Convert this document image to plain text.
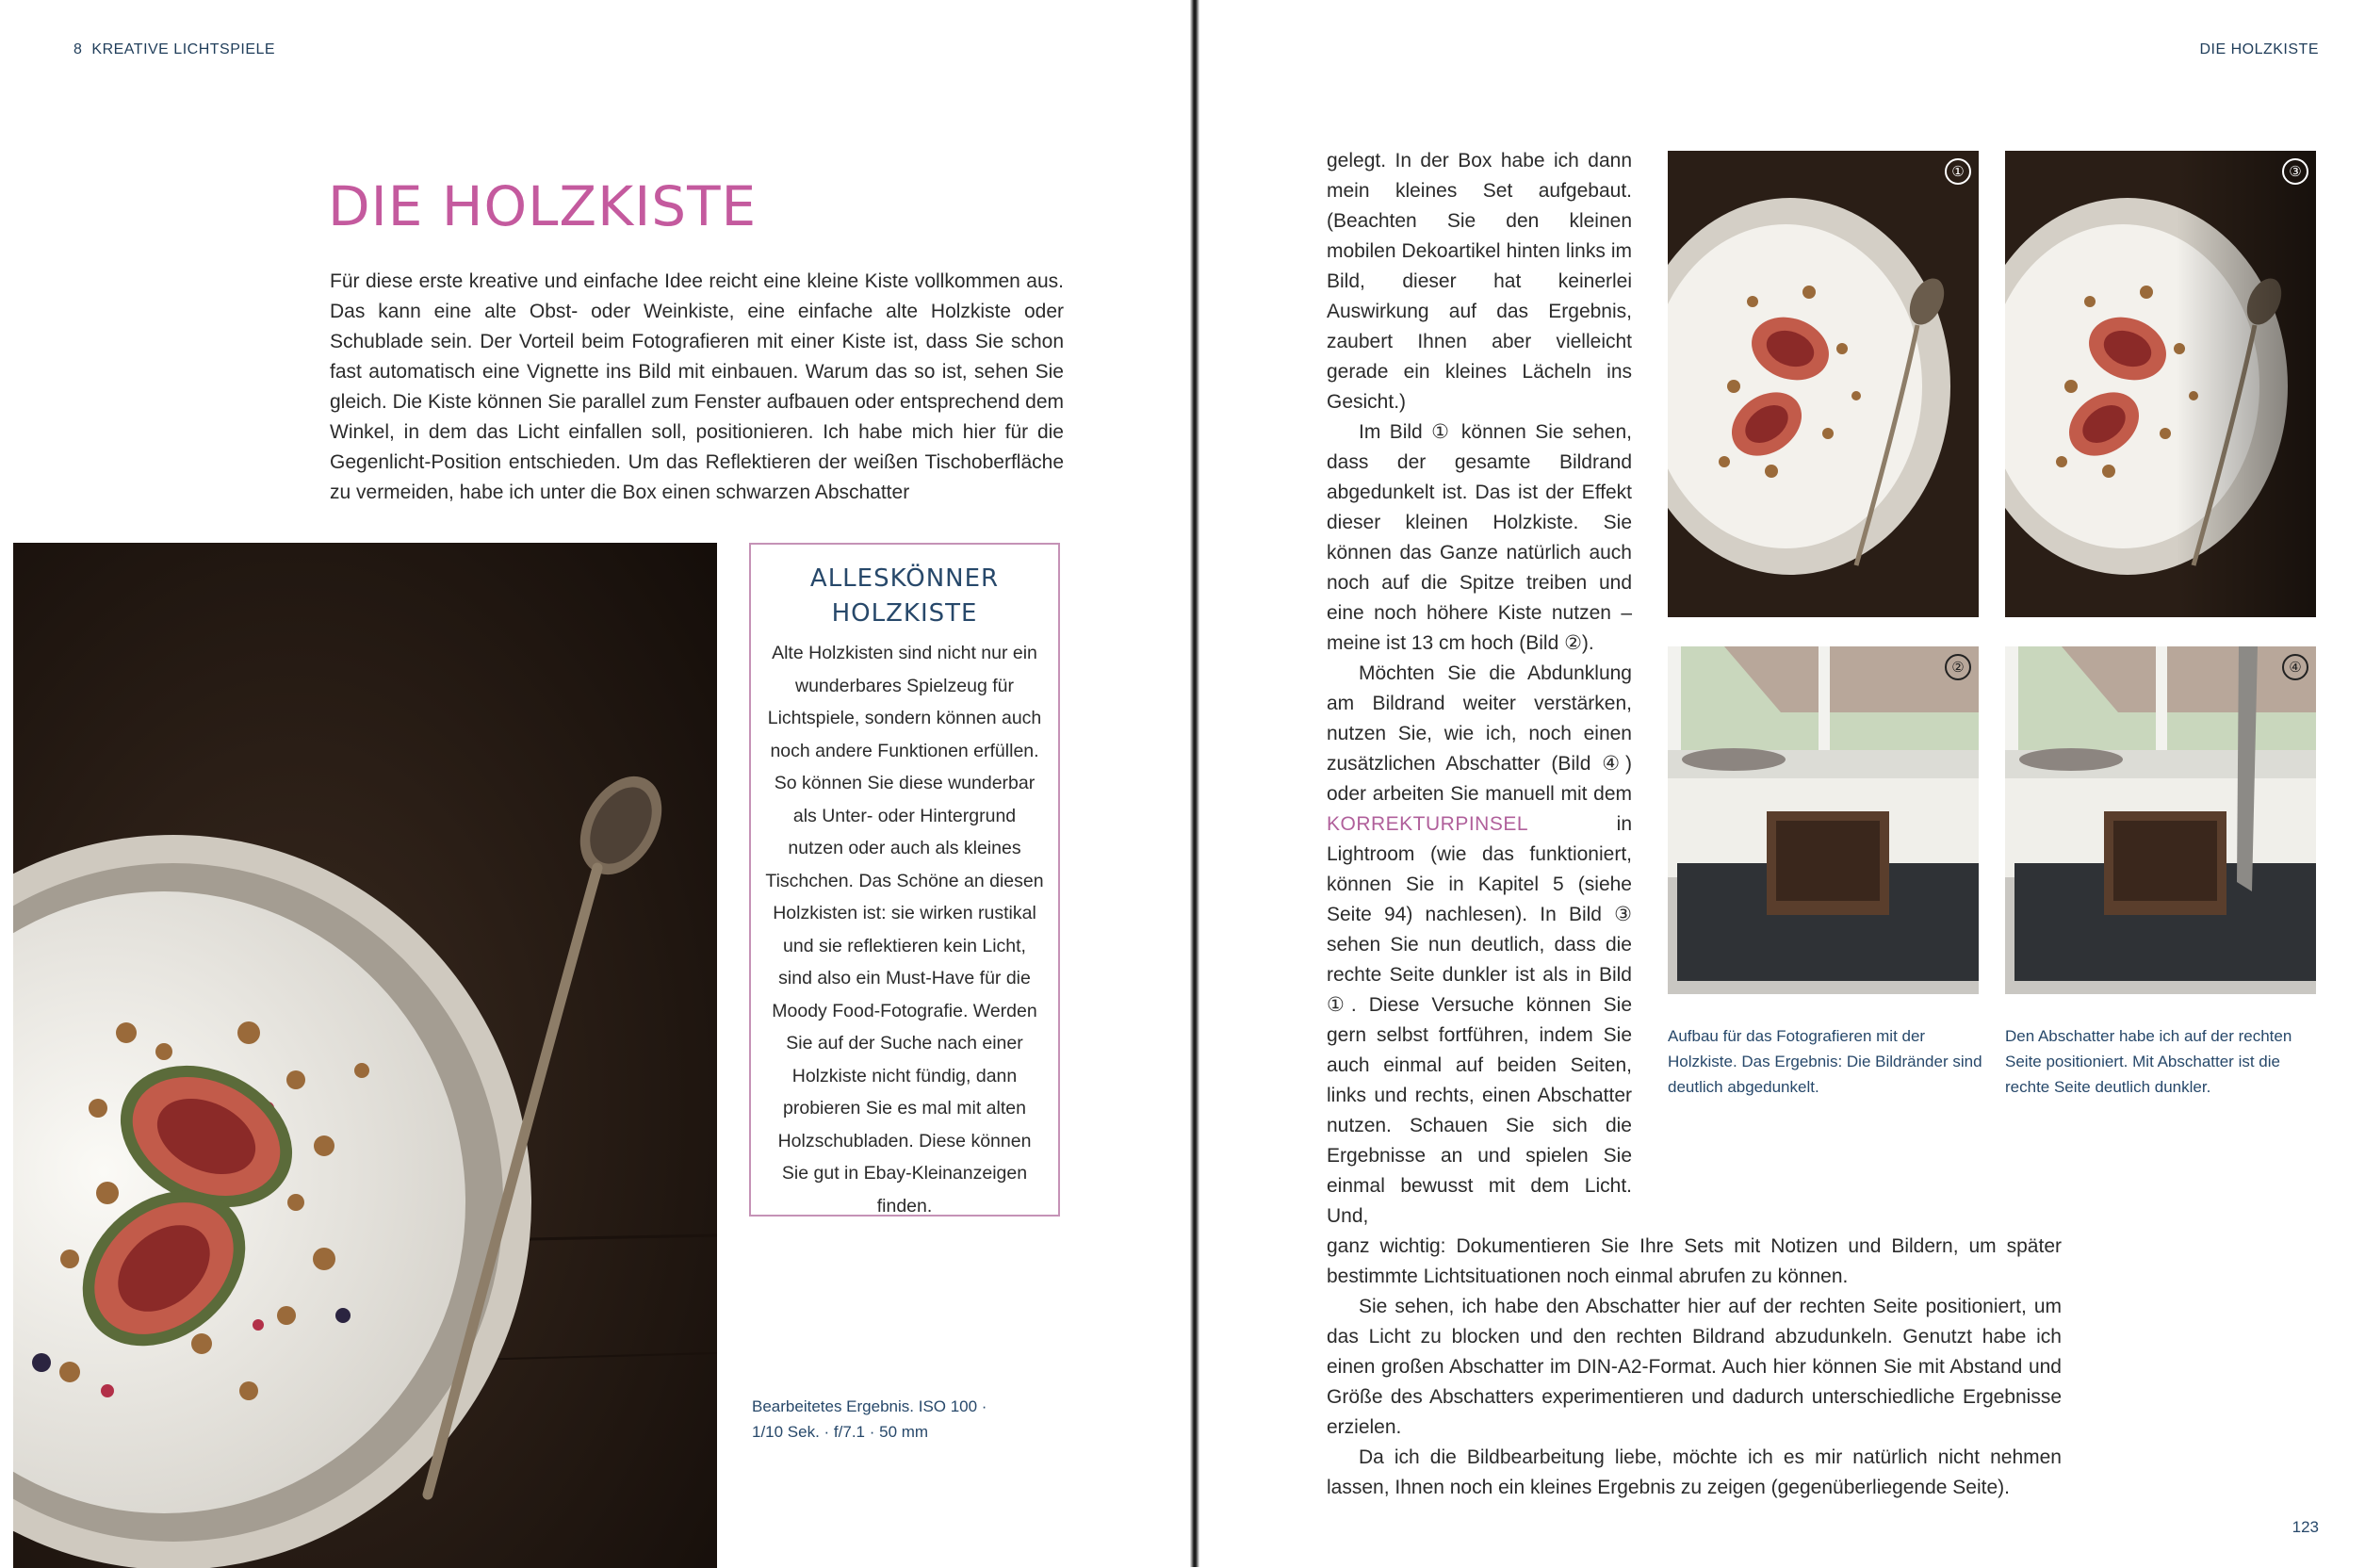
8 KREATIVE LICHTSPIELE
DIE HOLZKISTE

Für diese erste kreative und einfache Idee reicht eine kleine Kiste vollkommen aus. Das kann eine alte Obst- oder Weinkiste, eine einfache alte Holzkiste oder Schublade sein. Der Vorteil beim Fotografieren mit einer Kiste ist, dass Sie schon fast automatisch eine Vignette ins Bild mit einbauen. Warum das so ist, sehen Sie gleich. Die Kiste können Sie parallel zum Fenster aufbauen oder entsprechend dem Winkel, in dem das Licht einfallen soll, positionieren. Ich habe mich hier für die Gegenlicht-Position entschieden. Um das Reflektieren der weißen Tischoberfläche zu vermeiden, habe ich unter die Box einen schwarzen Abschatter

ALLESKÖNNER
HOLZKISTE

Alte Holzkisten sind nicht nur ein wunderbares Spielzeug für Lichtspiele, sondern können auch noch andere Funktionen erfüllen. So können Sie diese wunderbar als Unter- oder Hintergrund nutzen oder auch als kleines Tischchen. Das Schöne an diesen Holzkisten ist: sie wirken rustikal und sie reflektieren kein Licht, sind also ein Must-Have für die Moody Food-Fotografie. Werden Sie auf der Suche nach einer Holzkiste nicht fündig, dann probieren Sie es mal mit alten Holzschubladen. Diese können Sie gut in Ebay-Kleinanzeigen finden.

Bearbeitetes Ergebnis. ISO 100 ·
1/10 Sek. · f/7.1 · 50 mm

DIE HOLZKISTE

gelegt. In der Box habe ich dann mein kleines Set aufgebaut. (Beachten Sie den kleinen mobilen Dekoartikel hinten links im Bild, dieser hat keinerlei Auswirkung auf das Ergebnis, zaubert Ihnen aber vielleicht gerade ein kleines Lächeln ins Gesicht.)

Im Bild ① können Sie sehen, dass der gesamte Bildrand abgedunkelt ist. Das ist der Effekt dieser kleinen Holzkiste. Sie können das Ganze natürlich auch noch auf die Spitze treiben und eine noch höhere Kiste nutzen – meine ist 13 cm hoch (Bild ②).

Möchten Sie die Abdunklung am Bildrand weiter verstärken, nutzen Sie, wie ich, noch einen zusätzlichen Abschatter (Bild ④) oder arbeiten Sie manuell mit dem KORREKTURPINSEL in Lightroom (wie das funktioniert, können Sie in Kapitel 5 (siehe Seite 94) nachlesen). In Bild ③ sehen Sie nun deutlich, dass die rechte Seite dunkler ist als in Bild ①. Diese Versuche können Sie gern selbst fortführen, indem Sie auch einmal auf beiden Seiten, links und rechts, einen Abschatter nutzen. Schauen Sie sich die Ergebnisse an und spielen Sie einmal bewusst mit dem Licht. Und,

ganz wichtig: Dokumentieren Sie Ihre Sets mit Notizen und Bildern, um später bestimmte Lichtsituationen noch einmal abrufen zu können.

Sie sehen, ich habe den Abschatter hier auf der rechten Seite positioniert, um das Licht zu blocken und den rechten Bildrand abzudunkeln. Genutzt habe ich einen großen Abschatter im DIN-A2-Format. Auch hier können Sie mit Abstand und Größe des Abschatters experimentieren und dadurch unterschiedliche Ergebnisse erzielen.

Da ich die Bildbearbeitung liebe, möchte ich es mir natürlich nicht nehmen lassen, Ihnen noch ein kleines Ergebnis zu zeigen (gegenüberliegende Seite).

①	③
②	④

Aufbau für das Fotografieren mit der Holzkiste. Das Ergebnis: Die Bildränder sind deutlich abgedunkelt.

Den Abschatter habe ich auf der rechten Seite positioniert. Mit Abschatter ist die rechte Seite deutlich dunkler.

123
